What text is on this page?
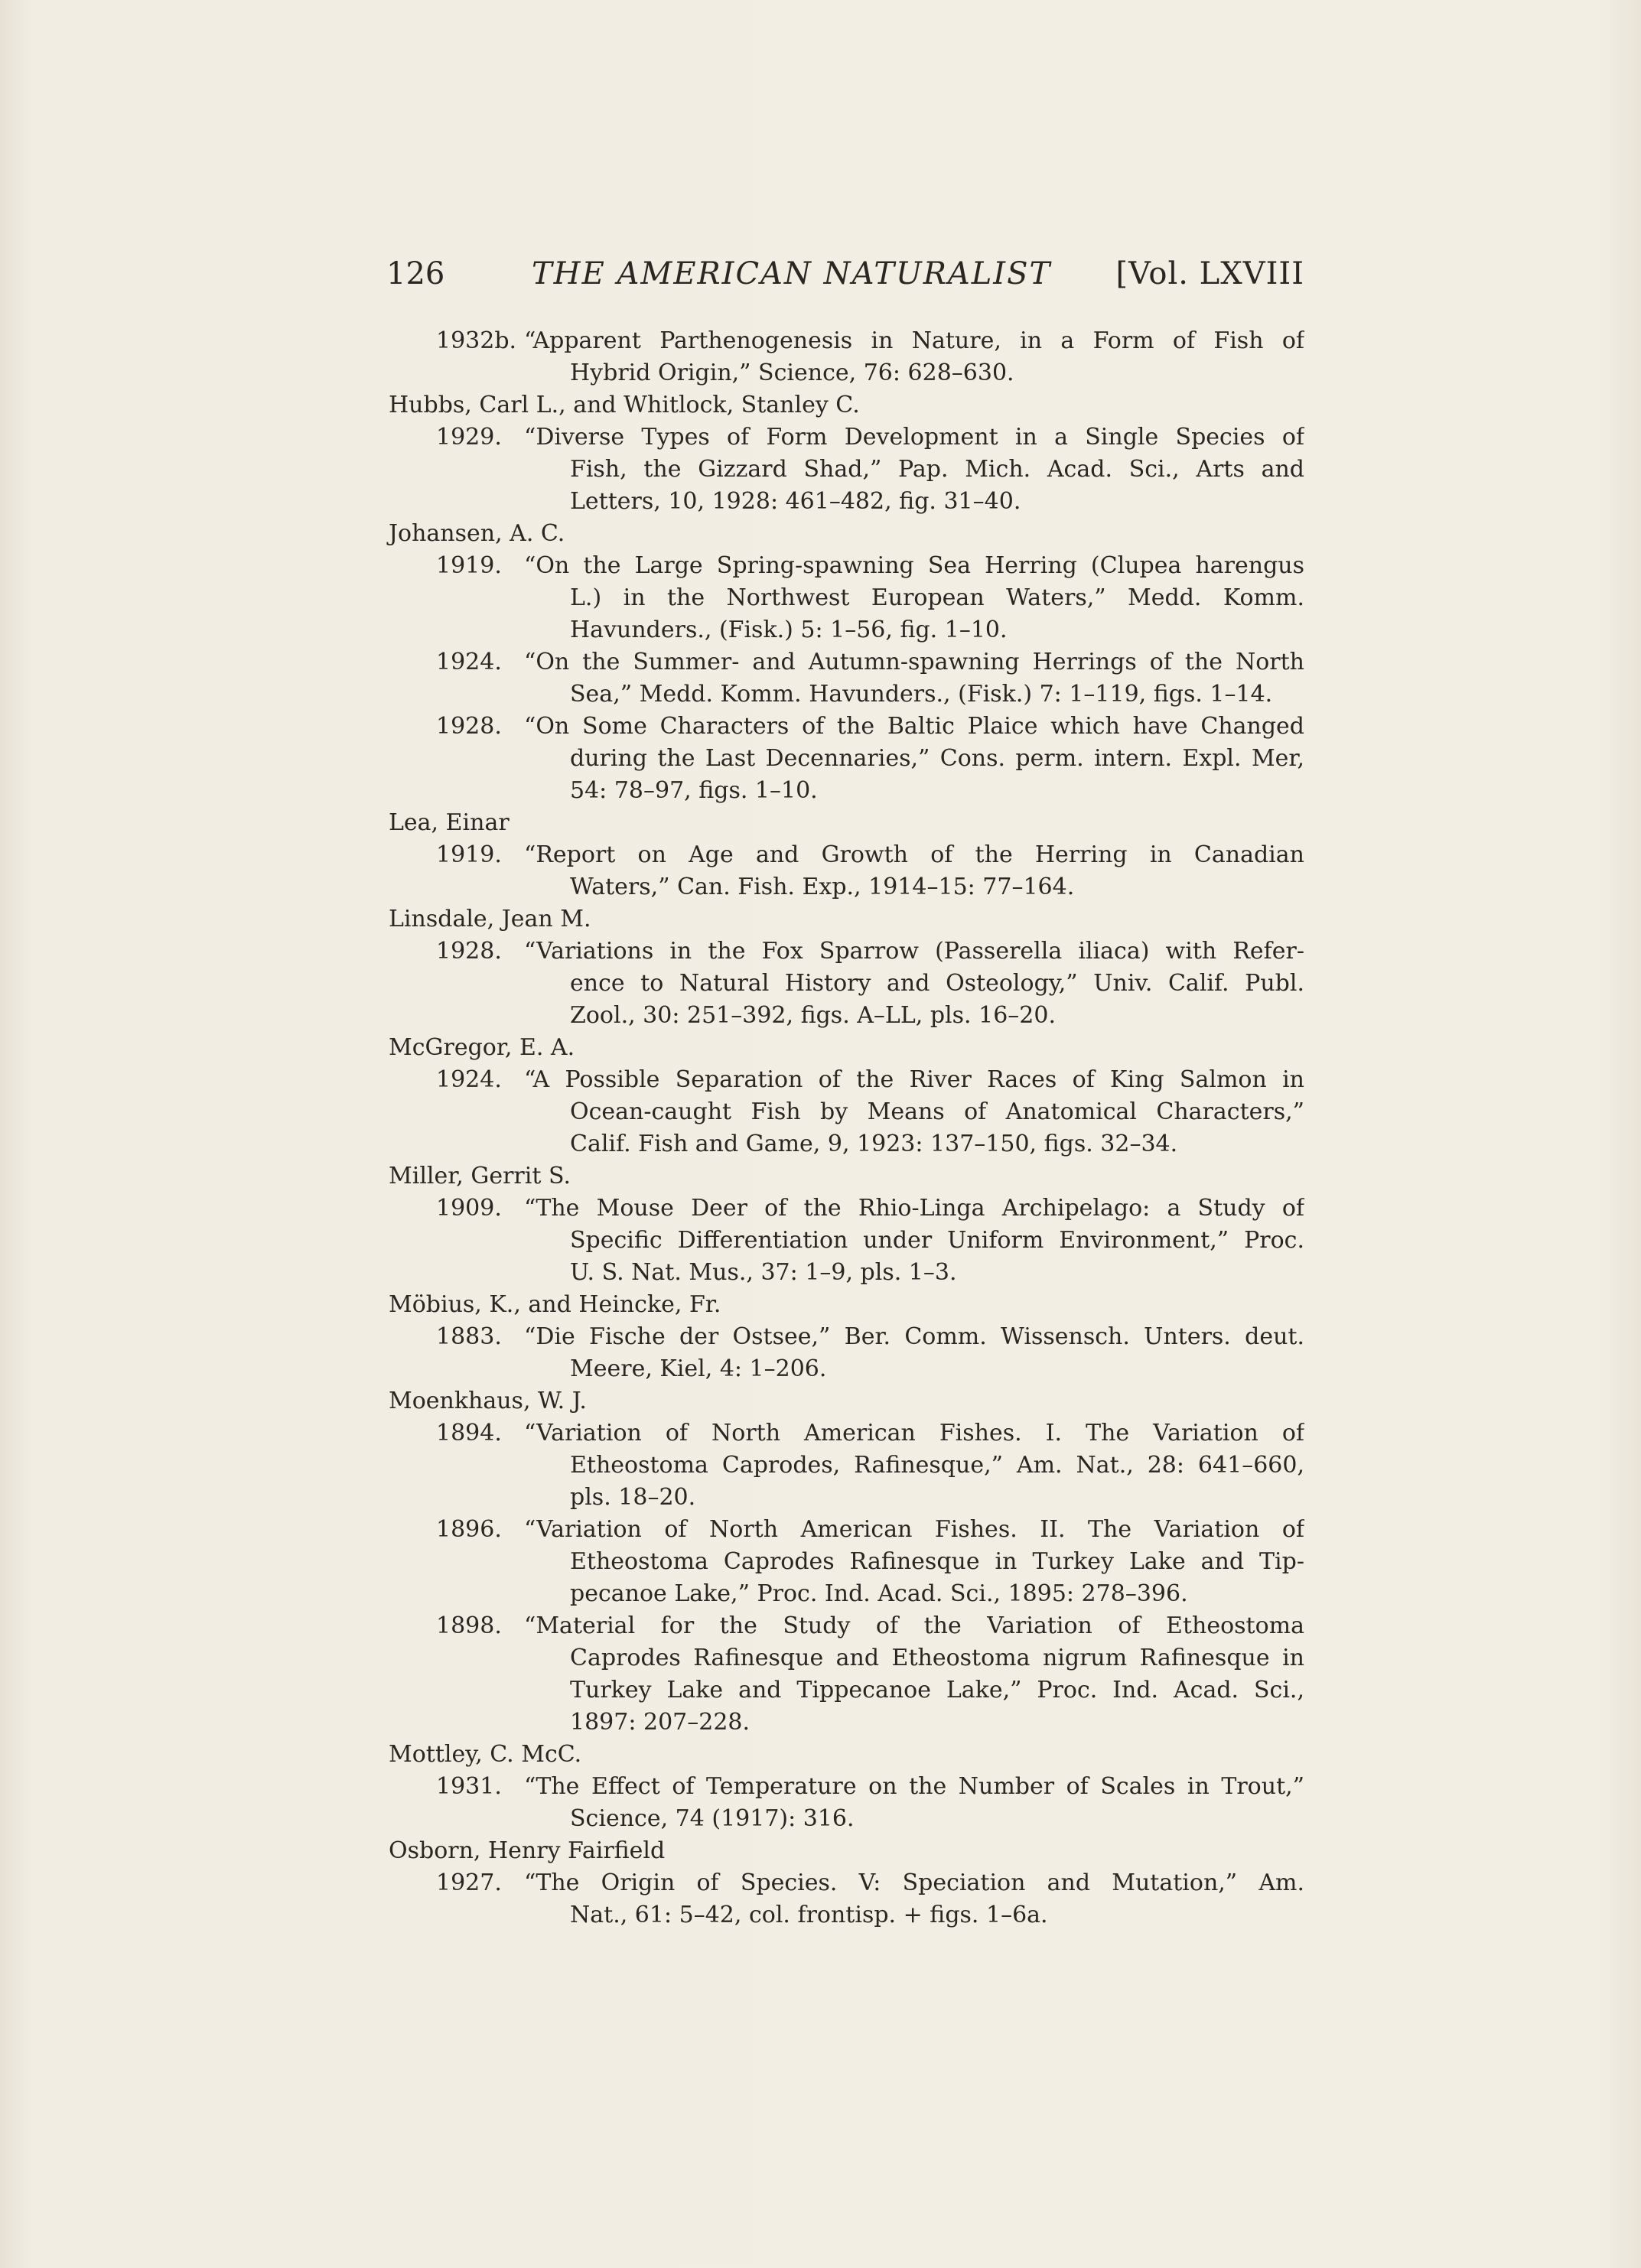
126	THE AMERICAN NATURALIST [Vol. LXVIII
1932b. “Apparent Parthenogenesis in Nature, in a Form of Fish of
Hybrid Origin,” Science, 76: 628–630.
Hubbs, Carl L., and Whitlock, Stanley C.
1929. “Diverse Types of Form Development in a Single Species of
Fish, the Gizzard Shad,” Pap. Mich. Acad. Sci., Arts and
Letters, 10, 1928: 461–482, fig. 31–40.
Johansen, A. C.
1919. “On the Large Spring-spawning Sea Herring (Clupea harengus
L.) in the Northwest European Waters,” Medd. Komm.
Havunders., (Fisk.) 5: 1–56, fig. 1–10.
1924. “On the Summer- and Autumn-spawning Herrings of the North
Sea,” Medd. Komm. Havunders., (Fisk.) 7: 1–119, figs. 1–14.
1928. “On Some Characters of the Baltic Plaice which have Changed
during the Last Decennaries,” Cons. perm. intern. Expl. Mer,
54: 78–97, figs. 1–10.
Lea, Einar
1919. “Report on Age and Growth of the Herring in Canadian
Waters,” Can. Fish. Exp., 1914–15: 77–164.
Linsdale, Jean M.
1928. “Variations in the Fox Sparrow (Passerella iliaca) with Refer-
ence to Natural History and Osteology,” Univ. Calif. Publ.
Zool., 30: 251–392, figs. A–LL, pls. 16–20.
McGregor, E. A.
1924. “A Possible Separation of the River Races of King Salmon in
Ocean-caught Fish by Means of Anatomical Characters,”
Calif. Fish and Game, 9, 1923: 137–150, figs. 32–34.
Miller, Gerrit S.
1909. “The Mouse Deer of the Rhio-Linga Archipelago: a Study of
Specific Differentiation under Uniform Environment,” Proc.
U. S. Nat. Mus., 37: 1–9, pls. 1–3.
Möbius, K., and Heincke, Fr.
1883. “Die Fische der Ostsee,” Ber. Comm. Wissensch. Unters. deut.
Meere, Kiel, 4: 1–206.
Moenkhaus, W. J.
1894. “Variation of North American Fishes. I. The Variation of
Etheostoma Caprodes, Rafinesque,” Am. Nat., 28: 641–660,
pls. 18–20.
1896. “Variation of North American Fishes. II. The Variation of
Etheostoma Caprodes Rafinesque in Turkey Lake and Tip-
pecanoe Lake,” Proc. Ind. Acad. Sci., 1895: 278–396.
1898. “Material for the Study of the Variation of Etheostoma
Caprodes Rafinesque and Etheostoma nigrum Rafinesque in
Turkey Lake and Tippecanoe Lake,” Proc. Ind. Acad. Sci.,
1897: 207–228.
Mottley, C. McC.
1931. “The Effect of Temperature on the Number of Scales in Trout,”
Science, 74 (1917): 316.
Osborn, Henry Fairfield
1927. “The Origin of Species. V: Speciation and Mutation,” Am.
Nat., 61: 5–42, col. frontisp. + figs. 1–6a.
